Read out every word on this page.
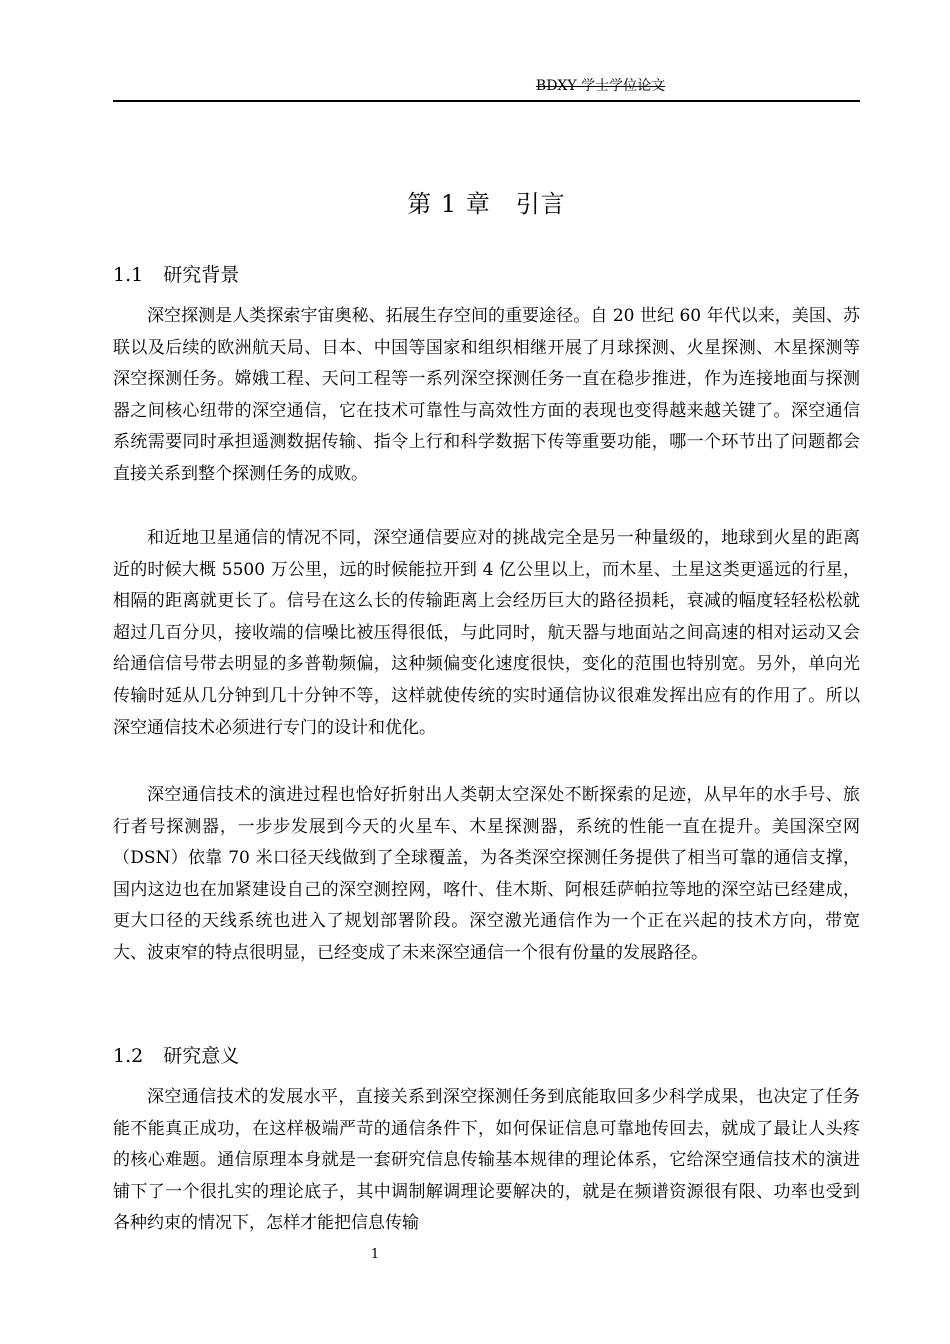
BDXY 学士学位论文
第 1 章　引言
1.1 研究背景

深空探测是人类探索宇宙奥秘、拓展生存空间的重要途径。自 20 世纪 60 年代以来，美国、苏联以及后续的欧洲航天局、日本、中国等国家和组织相继开展了月球探测、火星探测、木星探测等深空探测任务。嫦娥工程、天问工程等一系列深空探测任务一直在稳步推进，作为连接地面与探测器之间核心纽带的深空通信，它在技术可靠性与高效性方面的表现也变得越来越关键了。深空通信系统需要同时承担遥测数据传输、指令上行和科学数据下传等重要功能，哪一个环节出了问题都会直接关系到整个探测任务的成败。

和近地卫星通信的情况不同，深空通信要应对的挑战完全是另一种量级的，地球到火星的距离近的时候大概 5500 万公里，远的时候能拉开到 4 亿公里以上，而木星、土星这类更遥远的行星，相隔的距离就更长了。信号在这么长的传输距离上会经历巨大的路径损耗，衰减的幅度轻轻松松就超过几百分贝，接收端的信噪比被压得很低，与此同时，航天器与地面站之间高速的相对运动又会给通信信号带去明显的多普勒频偏，这种频偏变化速度很快，变化的范围也特别宽。另外，单向光传输时延从几分钟到几十分钟不等，这样就使传统的实时通信协议很难发挥出应有的作用了。所以深空通信技术必须进行专门的设计和优化。

深空通信技术的演进过程也恰好折射出人类朝太空深处不断探索的足迹，从早年的水手号、旅行者号探测器，一步步发展到今天的火星车、木星探测器，系统的性能一直在提升。美国深空网（DSN）依靠 70 米口径天线做到了全球覆盖，为各类深空探测任务提供了相当可靠的通信支撑，国内这边也在加紧建设自己的深空测控网，喀什、佳木斯、阿根廷萨帕拉等地的深空站已经建成，更大口径的天线系统也进入了规划部署阶段。深空激光通信作为一个正在兴起的技术方向，带宽大、波束窄的特点很明显，已经变成了未来深空通信一个很有份量的发展路径。

1.2 研究意义

深空通信技术的发展水平，直接关系到深空探测任务到底能取回多少科学成果，也决定了任务能不能真正成功，在这样极端严苛的通信条件下，如何保证信息可靠地传回去，就成了最让人头疼的核心难题。通信原理本身就是一套研究信息传输基本规律的理论体系，它给深空通信技术的演进铺下了一个很扎实的理论底子，其中调制解调理论要解决的，就是在频谱资源很有限、功率也受到各种约束的情况下，怎样才能把信息传输

1
